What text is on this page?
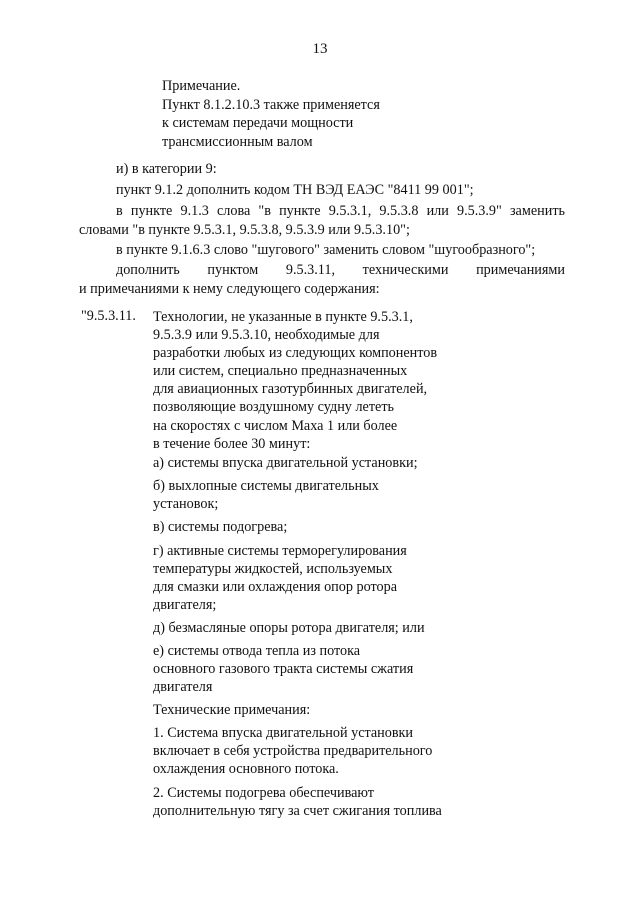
13
Примечание.
Пункт 8.1.2.10.3 также применяется
к системам передачи мощности
трансмиссионным валом
и) в категории 9:
пункт 9.1.2 дополнить кодом ТН ВЭД ЕАЭС "8411 99 001";
в пункте 9.1.3 слова "в пункте 9.5.3.1, 9.5.3.8 или 9.5.3.9" заменить
словами "в пункте 9.5.3.1, 9.5.3.8, 9.5.3.9 или 9.5.3.10";
в пункте 9.1.6.3 слово "шугового" заменить словом "шугообразного";
дополнить пунктом 9.5.3.11, техническими примечаниями
и примечаниями к нему следующего содержания:
"9.5.3.11. Технологии, не указанные в пункте 9.5.3.1,
9.5.3.9 или 9.5.3.10, необходимые для
разработки любых из следующих компонентов
или систем, специально предназначенных
для авиационных газотурбинных двигателей,
позволяющие воздушному судну лететь
на скоростях с числом Маха 1 или более
в течение более 30 минут:
а) системы впуска двигательной установки;
б) выхлопные системы двигательных
установок;
в) системы подогрева;
г) активные системы терморегулирования
температуры жидкостей, используемых
для смазки или охлаждения опор ротора
двигателя;
д) безмасляные опоры ротора двигателя; или
е) системы отвода тепла из потока
основного газового тракта системы сжатия
двигателя
Технические примечания:
1. Система впуска двигательной установки
включает в себя устройства предварительного
охлаждения основного потока.
2. Системы подогрева обеспечивают
дополнительную тягу за счет сжигания топлива
